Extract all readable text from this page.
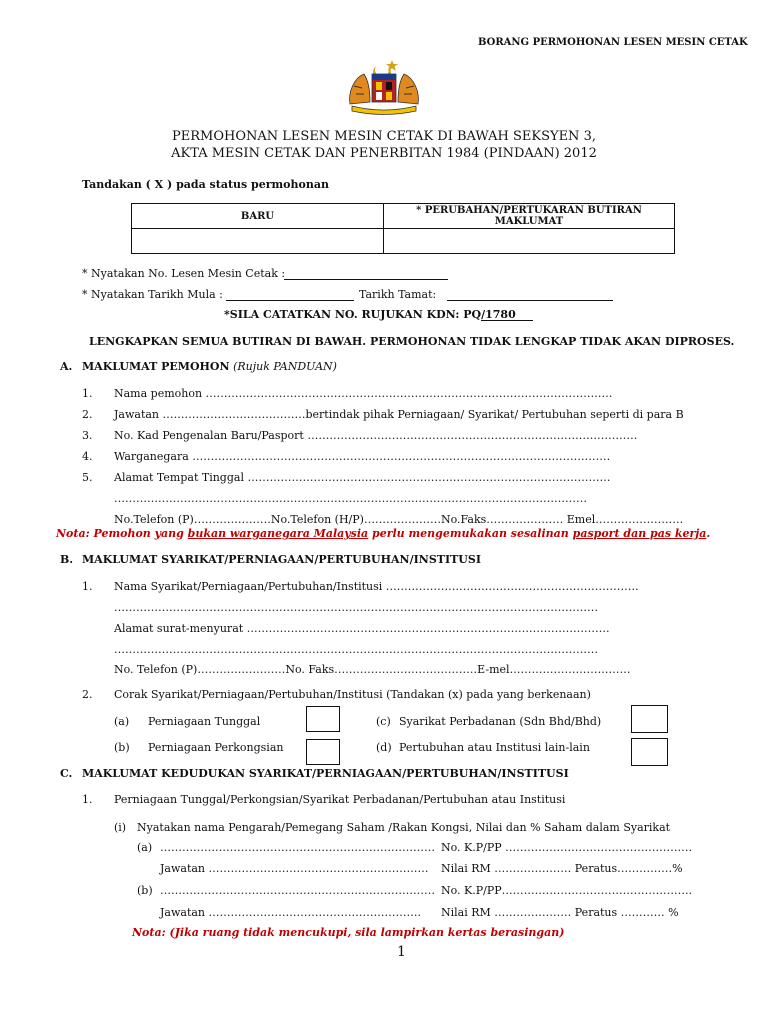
BORANG PERMOHONAN LESEN MESIN CETAK
PERMOHONAN LESEN MESIN CETAK DI BAWAH SEKSYEN 3,
AKTA MESIN CETAK DAN PENERBITAN 1984 (PINDAAN) 2012
Tandakan ( X ) pada status permohonan
BARU	* PERUBAHAN/PERTUKARAN BUTIRAN MAKLUMAT

* Nyatakan No. Lesen Mesin Cetak :
* Nyatakan Tarikh Mula :	Tarikh Tamat:
*SILA CATATKAN NO. RUJUKAN KDN: PQ/1780
LENGKAPKAN SEMUA BUTIRAN DI BAWAH. PERMOHONAN TIDAK LENGKAP TIDAK AKAN DIPROSES.
A. MAKLUMAT PEMOHON (Rujuk PANDUAN)
1. Nama pemohon …………………………………………………………………………………………………
2. Jawatan …………………………………bertindak pihak Perniagaan/ Syarikat/ Pertubuhan seperti di para B
3. No. Kad Pengenalan Baru/Pasport ………………………………………………………………………………
4. Warganegara ……………………………………………………………………………………………………
5. Alamat Tempat Tinggal ………………………………………………………………………………………
…………………………………………………………………………………………………………………
No.Telefon (P)…………………No.Telefon (H/P)…………………No.Faks………………… Emel……………………
Nota: Pemohon yang bukan warganegara Malaysia perlu mengemukakan sesalinan pasport dan pas kerja.
B. MAKLUMAT SYARIKAT/PERNIAGAAN/PERTUBUHAN/INSTITUSI
1. Nama Syarikat/Perniagaan/Pertubuhan/Institusi ……………………………………………………………
……………………………………………………………………………………………………………………
Alamat surat-menyurat ………………………………………………………………………………………
……………………………………………………………………………………………………………………
No. Telefon (P)……………………No. Faks…………………………………E-mel……………………………
2. Corak Syarikat/Perniagaan/Pertubuhan/Institusi (Tandakan (x) pada yang berkenaan)
(a) Perniagaan Tunggal
(b) Perniagaan Perkongsian
(c) Syarikat Perbadanan (Sdn Bhd/Bhd)
(d) Pertubuhan atau Institusi lain-lain
C. MAKLUMAT KEDUDUKAN SYARIKAT/PERNIAGAAN/PERTUBUHAN/INSTITUSI
1. Perniagaan Tunggal/Perkongsian/Syarikat Perbadanan/Pertubuhan atau Institusi
(i) Nyatakan nama Pengarah/Pemegang Saham /Rakan Kongsi, Nilai dan % Saham dalam Syarikat
(a) ………………………………………………………………… No. K.P/PP ……………………………………………
Jawatan …………………………………………………… Nilai RM ………………… Peratus……………%
(b) ………………………………………………………………… No. K.P/PP…………………………………………….
Jawatan …………………………………………………. Nilai RM ………………… Peratus ………… %
Nota: (Jika ruang tidak mencukupi, sila lampirkan kertas berasingan)
1
